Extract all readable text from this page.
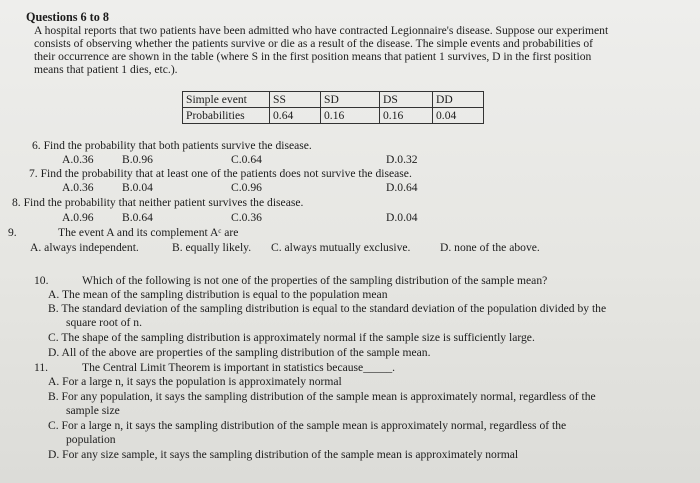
Questions 6 to 8
A hospital reports that two patients have been admitted who have contracted Legionnaire's disease. Suppose our experiment
consists of observing whether the patients survive or die as a result of the disease. The simple events and probabilities of
their occurrence are shown in the table (where S in the first position means that patient 1 survives, D in the first position
means that patient 1 dies, etc.).
Simple event	SS	SD	DS	DD
Probabilities	0.64	0.16	0.16	0.04
6. Find the probability that both patients survive the disease.
A.0.36 B.0.96	C.0.64	D.0.32
7. Find the probability that at least one of the patients does not survive the disease.
A.0.36 B.0.04	C.0.96	D.0.64
8. Find the probability that neither patient survives the disease.
A.0.96 B.0.64	C.0.36	D.0.04
9.	The event A and its complement Aᶜ are
A. always independent.	B. equally likely. C. always mutually exclusive.	D. none of the above.
10.	Which of the following is not one of the properties of the sampling distribution of the sample mean?
A. The mean of the sampling distribution is equal to the population mean
B. The standard deviation of the sampling distribution is equal to the standard deviation of the population divided by the
square root of n.
C. The shape of the sampling distribution is approximately normal if the sample size is sufficiently large.
D. All of the above are properties of the sampling distribution of the sample mean.
11.	The Central Limit Theorem is important in statistics because_____.
A. For a large n, it says the population is approximately normal
B. For any population, it says the sampling distribution of the sample mean is approximately normal, regardless of the
sample size
C. For a large n, it says the sampling distribution of the sample mean is approximately normal, regardless of the
population
D. For any size sample, it says the sampling distribution of the sample mean is approximately normal
